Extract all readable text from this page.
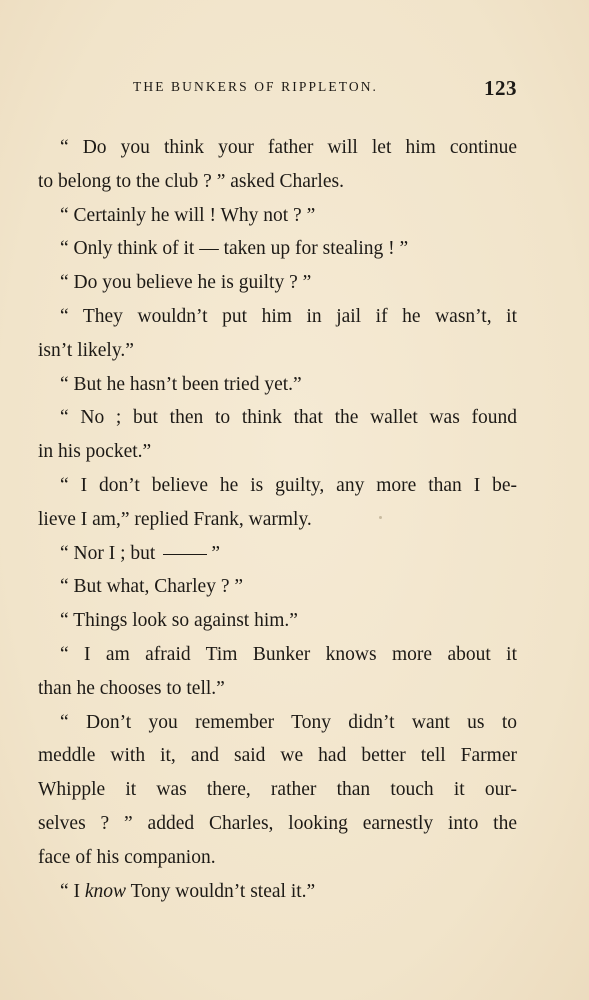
THE BUNKERS OF RIPPLETON.	123
“ Do you think your father will let him continue
to belong to the club ? ” asked Charles.
“ Certainly he will ! Why not ? ”
“ Only think of it — taken up for stealing ! ”
“ Do you believe he is guilty ? ”
“ They wouldn’t put him in jail if he wasn’t, it
isn’t likely.”
“ But he hasn’t been tried yet.”
“ No ; but then to think that the wallet was found
in his pocket.”
“ I don’t believe he is guilty, any more than I be-
lieve I am,” replied Frank, warmly.
“ Nor I ; but	”
“ But what, Charley ? ”
“ Things look so against him.”
“ I am afraid Tim Bunker knows more about it
than he chooses to tell.”
“ Don’t you remember Tony didn’t want us to
meddle with it, and said we had better tell Farmer
Whipple it was there, rather than touch it our-
selves ? ” added Charles, looking earnestly into the
face of his companion.
“ I know Tony wouldn’t steal it.”
